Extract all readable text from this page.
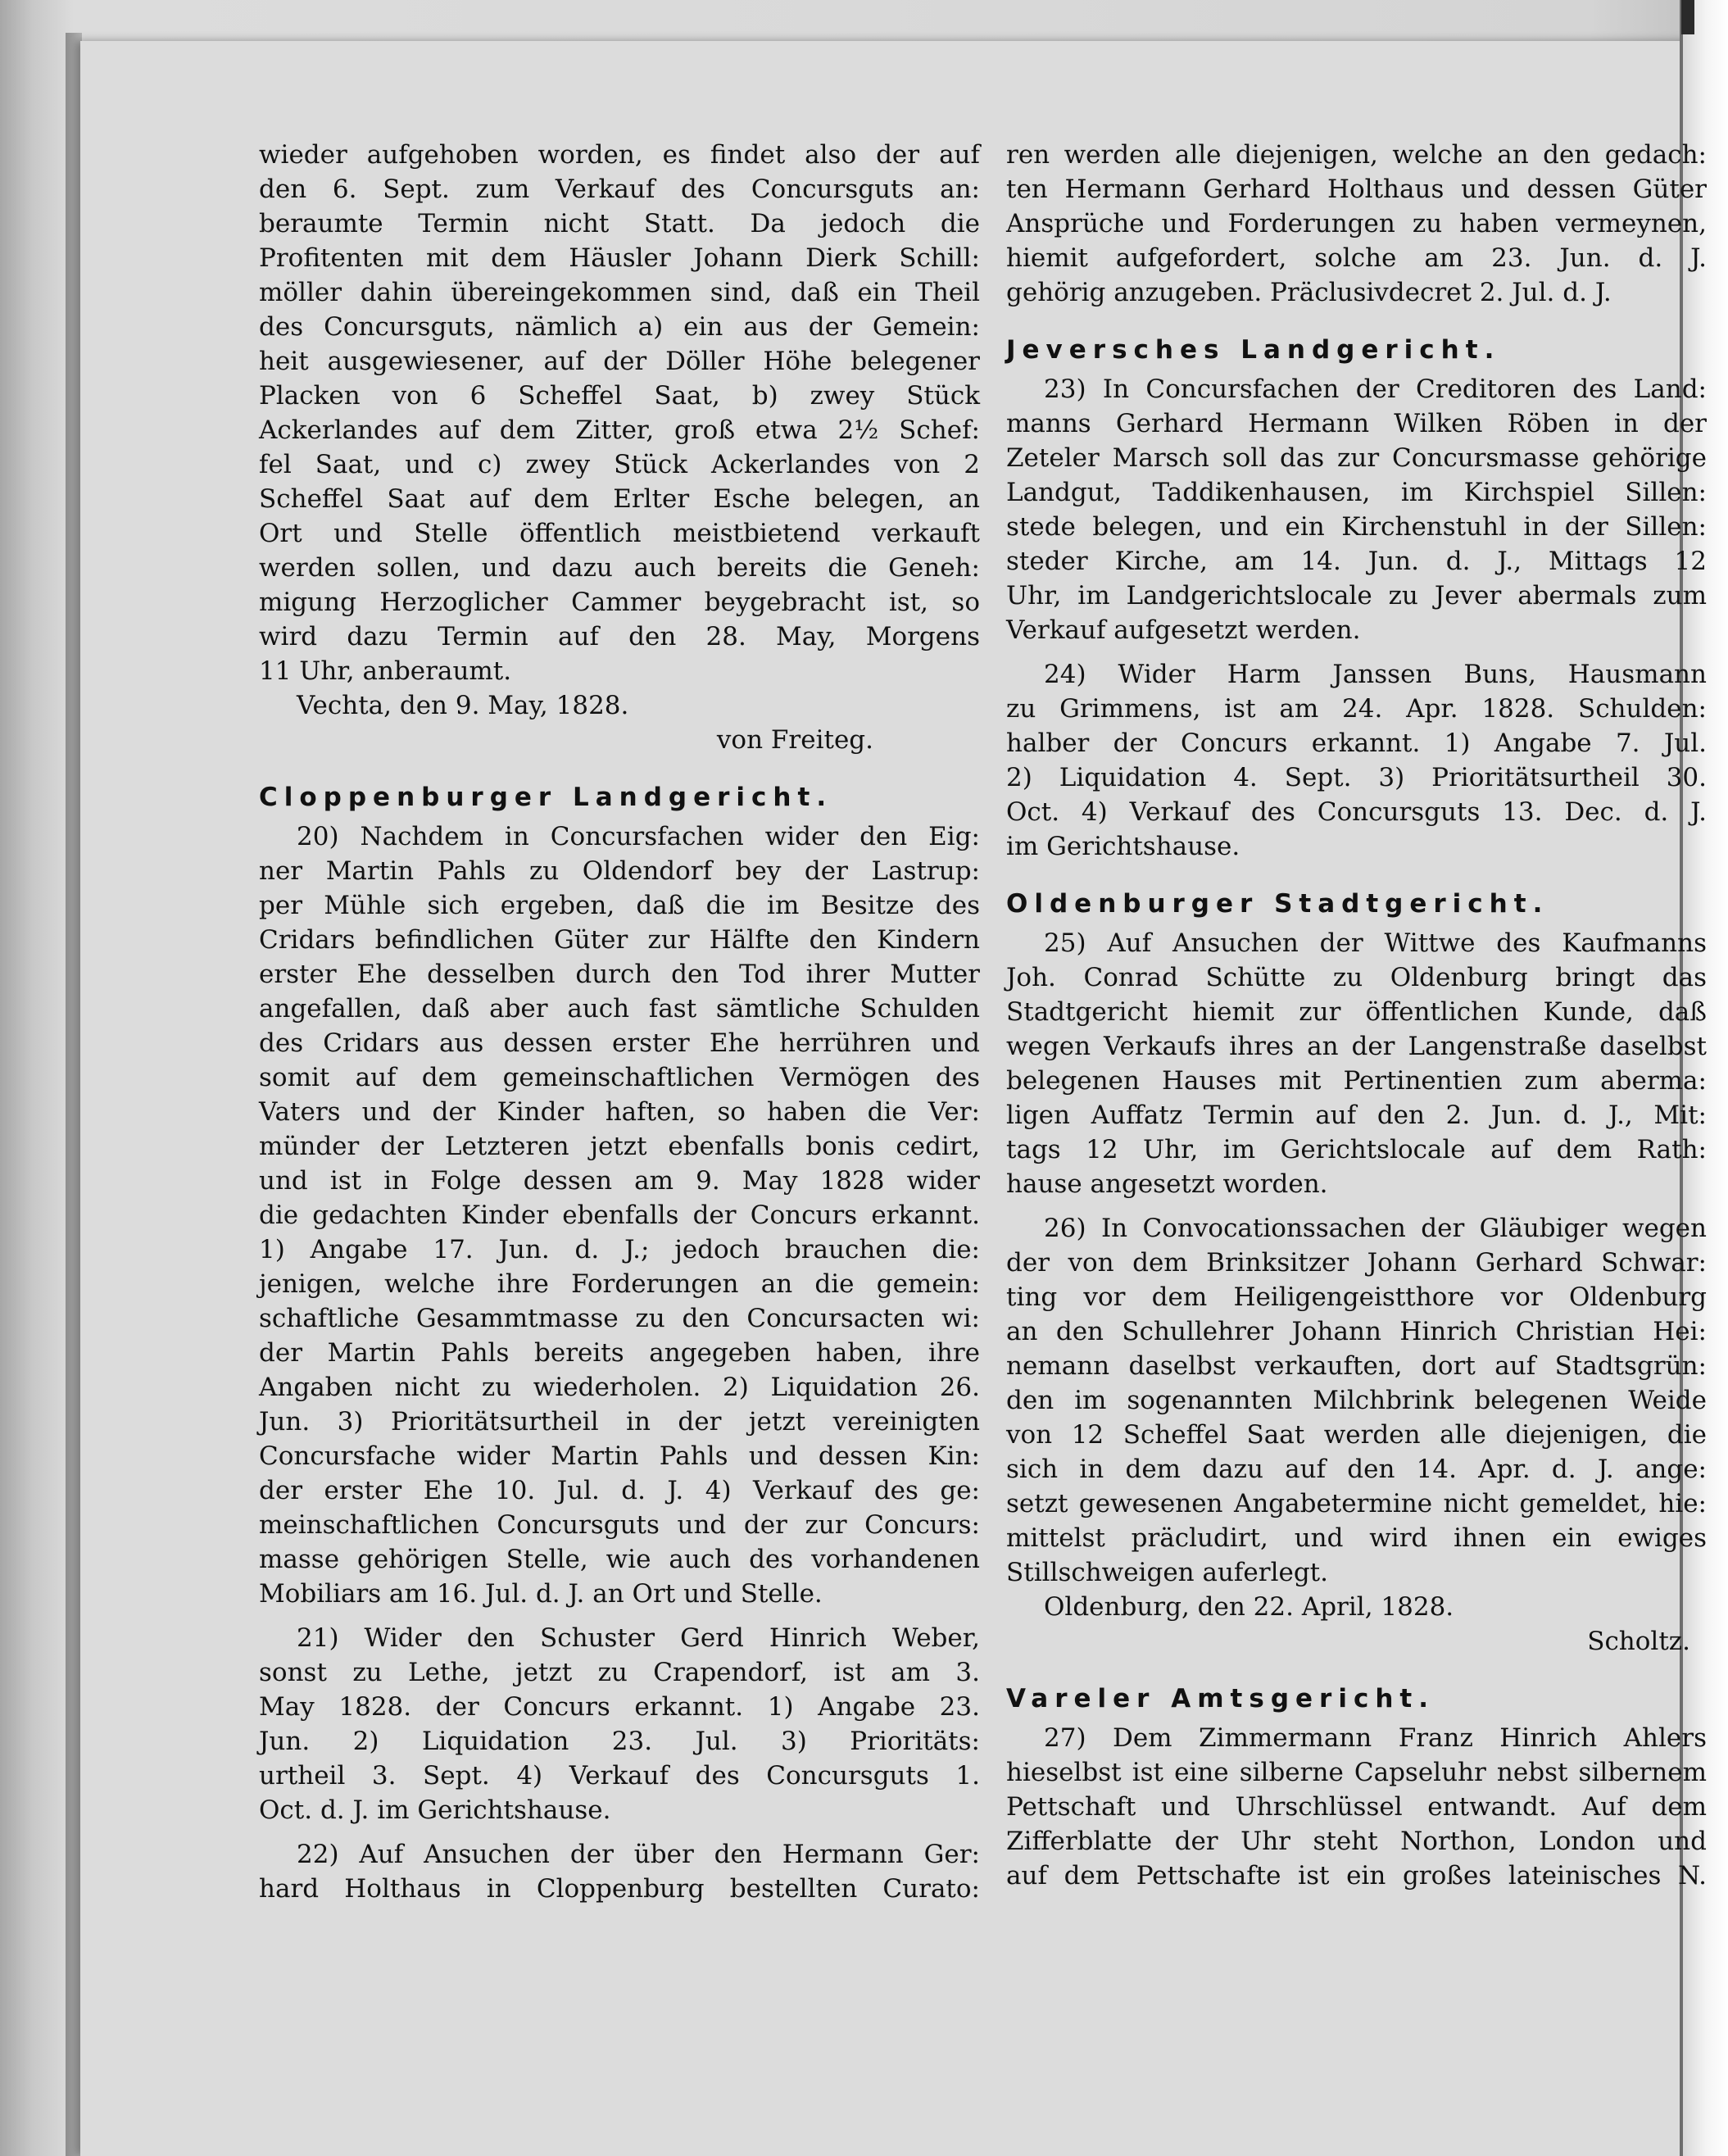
wieder aufgehoben worden, es findet also der auf
den 6. Sept. zum Verkauf des Concursguts an:
beraumte Termin nicht Statt. Da jedoch die
Profitenten mit dem Häusler Johann Dierk Schill:
möller dahin übereingekommen sind, daß ein Theil
des Concursguts, nämlich a) ein aus der Gemein:
heit ausgewiesener, auf der Döller Höhe belegener
Placken von 6 Scheffel Saat, b) zwey Stück
Ackerlandes auf dem Zitter, groß etwa 2½ Schef:
fel Saat, und c) zwey Stück Ackerlandes von 2
Scheffel Saat auf dem Erlter Esche belegen, an
Ort und Stelle öffentlich meistbietend verkauft
werden sollen, und dazu auch bereits die Geneh:
migung Herzoglicher Cammer beygebracht ist, so
wird dazu Termin auf den 28. May, Morgens
11 Uhr, anberaumt.
Vechta, den 9. May, 1828.
von Freiteg.
Cloppenburger Landgericht.
20) Nachdem in Concursfachen wider den Eig:
ner Martin Pahls zu Oldendorf bey der Lastrup:
per Mühle sich ergeben, daß die im Besitze des
Cridars befindlichen Güter zur Hälfte den Kindern
erster Ehe desselben durch den Tod ihrer Mutter
angefallen, daß aber auch fast sämtliche Schulden
des Cridars aus dessen erster Ehe herrühren und
somit auf dem gemeinschaftlichen Vermögen des
Vaters und der Kinder haften, so haben die Ver:
münder der Letzteren jetzt ebenfalls bonis cedirt,
und ist in Folge dessen am 9. May 1828 wider
die gedachten Kinder ebenfalls der Concurs erkannt.
1) Angabe 17. Jun. d. J.; jedoch brauchen die:
jenigen, welche ihre Forderungen an die gemein:
schaftliche Gesammtmasse zu den Concursacten wi:
der Martin Pahls bereits angegeben haben, ihre
Angaben nicht zu wiederholen. 2) Liquidation 26.
Jun. 3) Prioritätsurtheil in der jetzt vereinigten
Concursfache wider Martin Pahls und dessen Kin:
der erster Ehe 10. Jul. d. J. 4) Verkauf des ge:
meinschaftlichen Concursguts und der zur Concurs:
masse gehörigen Stelle, wie auch des vorhandenen
Mobiliars am 16. Jul. d. J. an Ort und Stelle.
21) Wider den Schuster Gerd Hinrich Weber,
sonst zu Lethe, jetzt zu Crapendorf, ist am 3.
May 1828. der Concurs erkannt. 1) Angabe 23.
Jun. 2) Liquidation 23. Jul. 3) Prioritäts:
urtheil 3. Sept. 4) Verkauf des Concursguts 1.
Oct. d. J. im Gerichtshause.
22) Auf Ansuchen der über den Hermann Ger:
hard Holthaus in Cloppenburg bestellten Curato:
ren werden alle diejenigen, welche an den gedach:
ten Hermann Gerhard Holthaus und dessen Güter
Ansprüche und Forderungen zu haben vermeynen,
hiemit aufgefordert, solche am 23. Jun. d. J.
gehörig anzugeben. Präclusivdecret 2. Jul. d. J.
Jeversches Landgericht.
23) In Concursfachen der Creditoren des Land:
manns Gerhard Hermann Wilken Röben in der
Zeteler Marsch soll das zur Concursmasse gehörige
Landgut, Taddikenhausen, im Kirchspiel Sillen:
stede belegen, und ein Kirchenstuhl in der Sillen:
steder Kirche, am 14. Jun. d. J., Mittags 12
Uhr, im Landgerichtslocale zu Jever abermals zum
Verkauf aufgesetzt werden.
24) Wider Harm Janssen Buns, Hausmann
zu Grimmens, ist am 24. Apr. 1828. Schulden:
halber der Concurs erkannt. 1) Angabe 7. Jul.
2) Liquidation 4. Sept. 3) Prioritätsurtheil 30.
Oct. 4) Verkauf des Concursguts 13. Dec. d. J.
im Gerichtshause.
Oldenburger Stadtgericht.
25) Auf Ansuchen der Wittwe des Kaufmanns
Joh. Conrad Schütte zu Oldenburg bringt das
Stadtgericht hiemit zur öffentlichen Kunde, daß
wegen Verkaufs ihres an der Langenstraße daselbst
belegenen Hauses mit Pertinentien zum aberma:
ligen Auffatz Termin auf den 2. Jun. d. J., Mit:
tags 12 Uhr, im Gerichtslocale auf dem Rath:
hause angesetzt worden.
26) In Convocationssachen der Gläubiger wegen
der von dem Brinksitzer Johann Gerhard Schwar:
ting vor dem Heiligengeistthore vor Oldenburg
an den Schullehrer Johann Hinrich Christian Hei:
nemann daselbst verkauften, dort auf Stadtsgrün:
den im sogenannten Milchbrink belegenen Weide
von 12 Scheffel Saat werden alle diejenigen, die
sich in dem dazu auf den 14. Apr. d. J. ange:
setzt gewesenen Angabetermine nicht gemeldet, hie:
mittelst präcludirt, und wird ihnen ein ewiges
Stillschweigen auferlegt.
Oldenburg, den 22. April, 1828.
Scholtz.
Vareler Amtsgericht.
27) Dem Zimmermann Franz Hinrich Ahlers
hieselbst ist eine silberne Capseluhr nebst silbernem
Pettschaft und Uhrschlüssel entwandt. Auf dem
Zifferblatte der Uhr steht Northon, London und
auf dem Pettschafte ist ein großes lateinisches N.
